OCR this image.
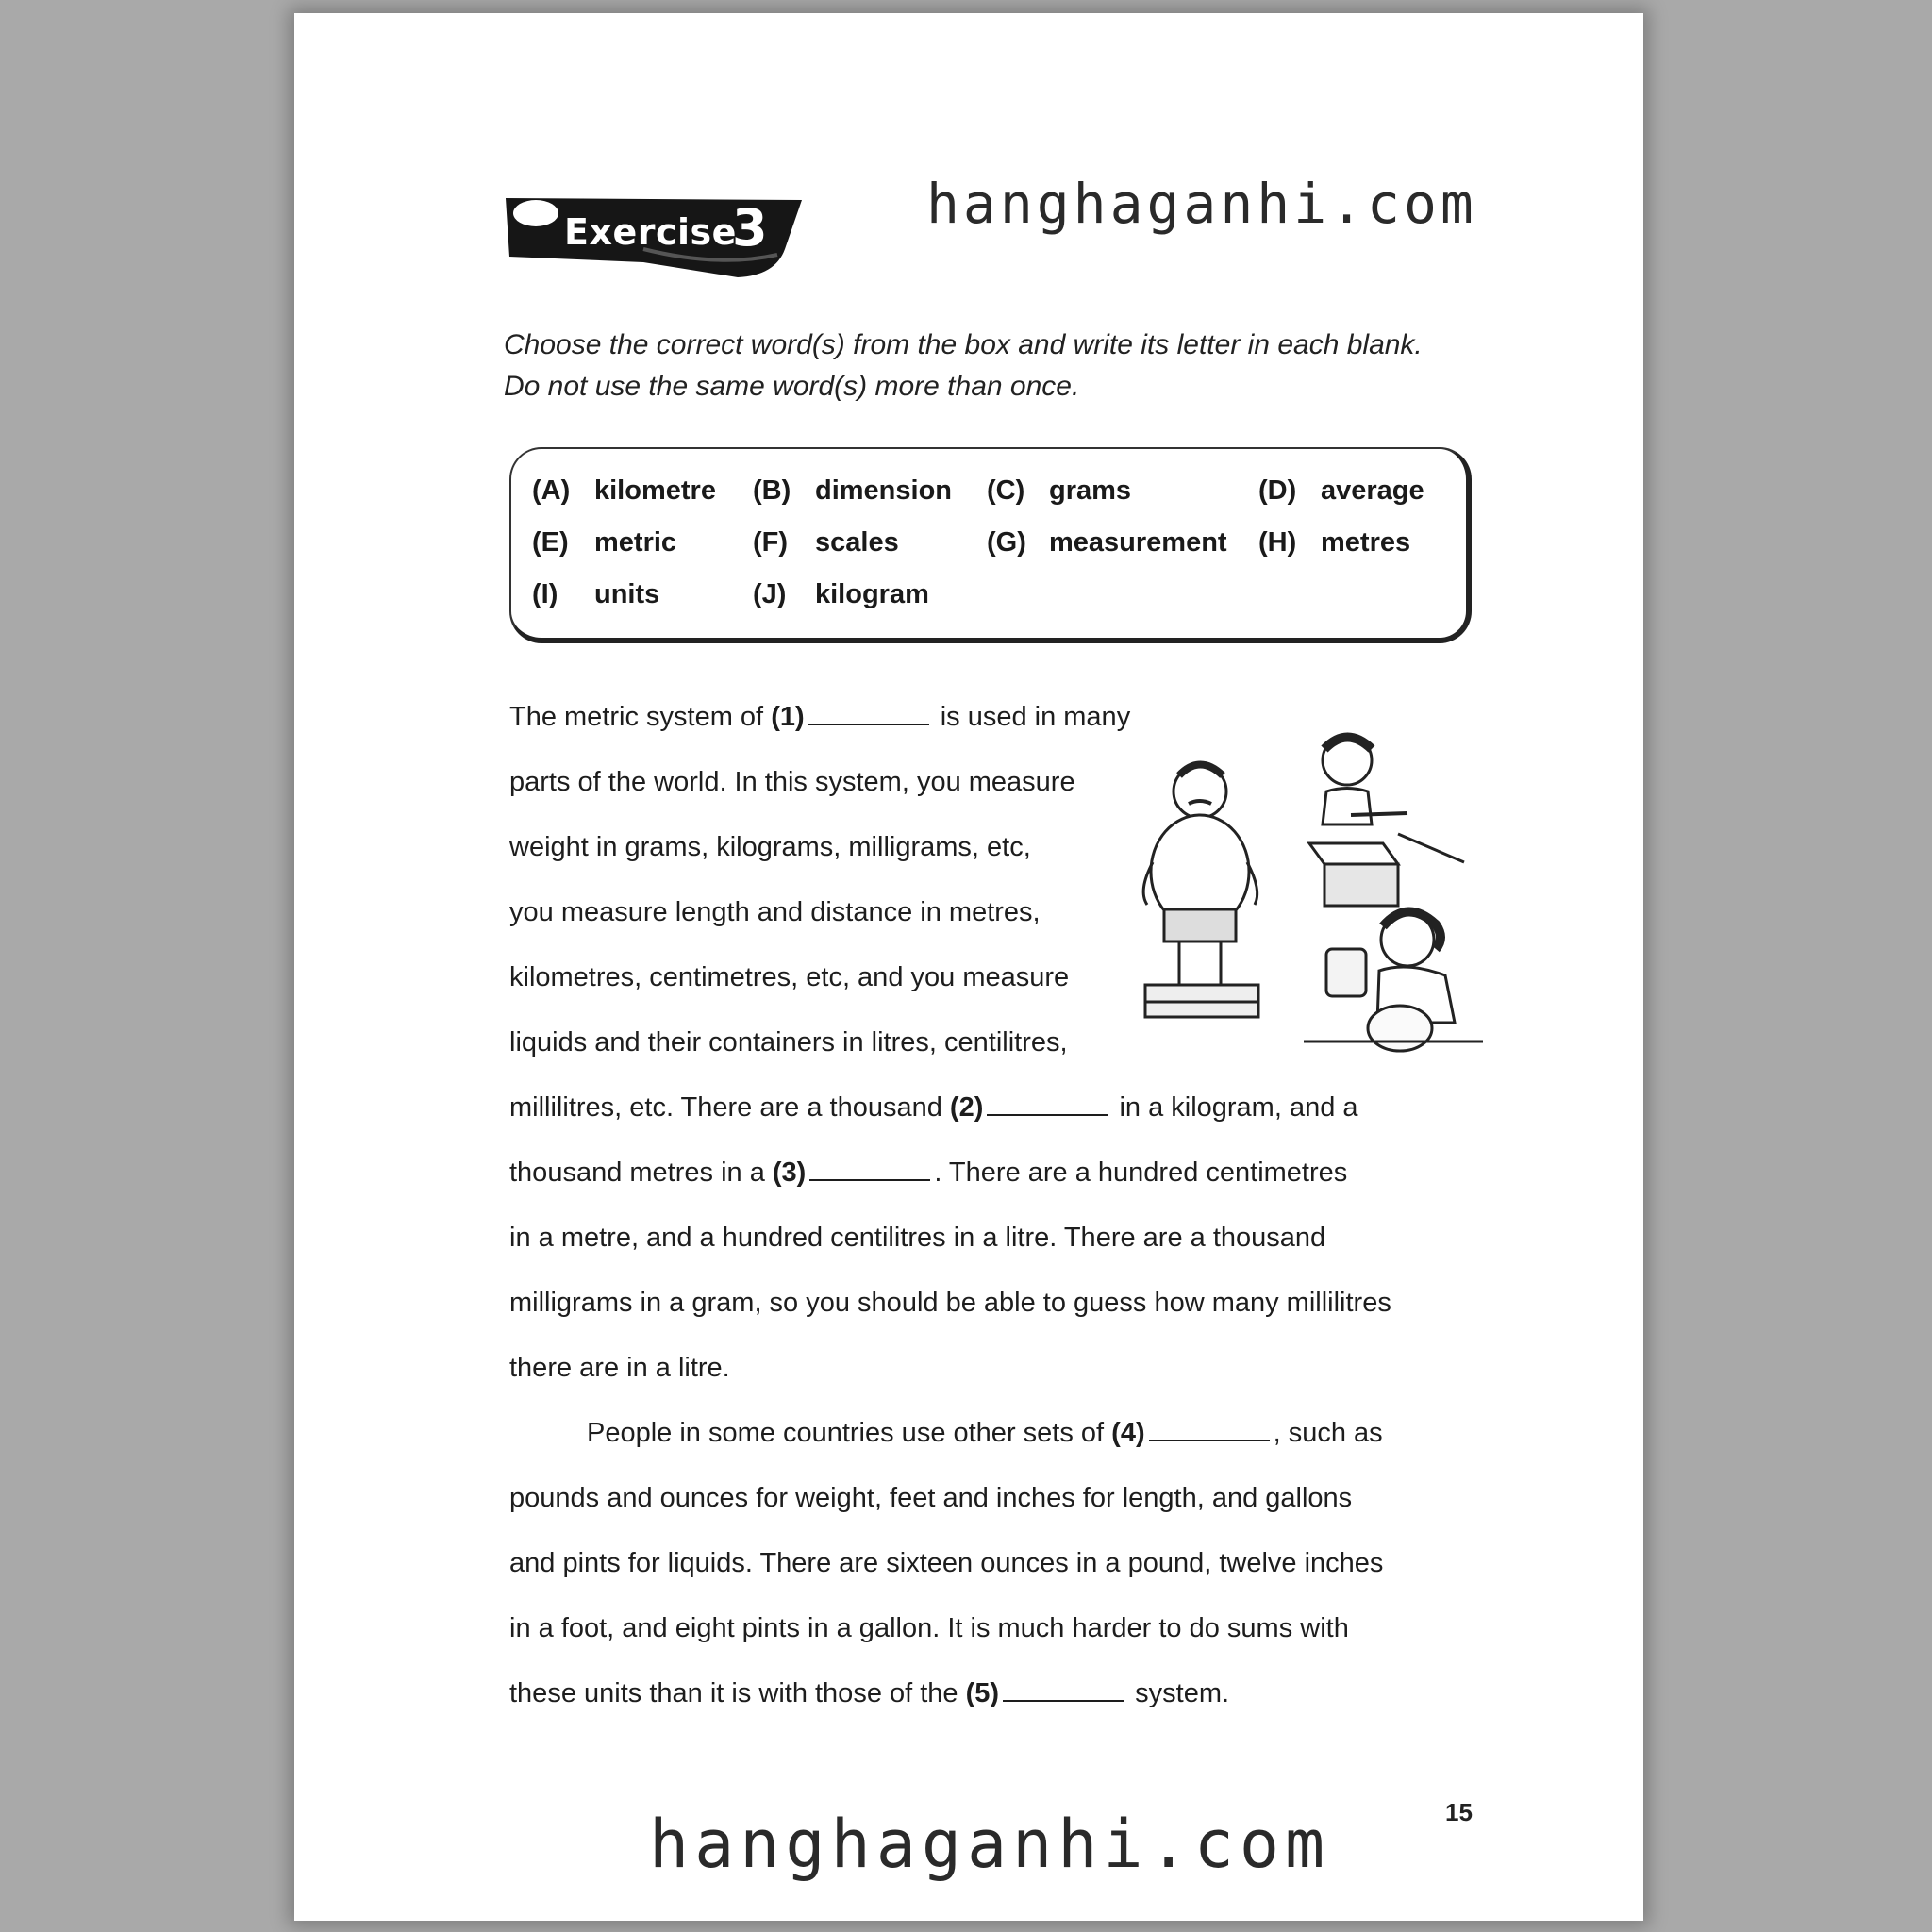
Exercise
3	hanghaganhi.com

Choose the correct word(s) from the box and write its letter in each blank.

Do not use the same word(s) more than once.

(A) kilometre (B) dimension (C) grams	(D) average
(E) metric	(F) scales	(G) measurement (H) metres
(I) units	(J) kilogram
The metric system of (1)	is used in many
parts of the world. In this system, you measure
weight in grams, kilograms, milligrams, etc,
you measure length and distance in metres,
kilometres, centimetres, etc, and you measure
liquids and their containers in litres, centilitres,
millilitres, etc. There are a thousand (2)	in a kilogram, and a
thousand metres in a (3)	. There are a hundred centimetres
in a metre, and a hundred centilitres in a litre. There are a thousand
milligrams in a gram, so you should be able to guess how many millilitres
there are in a litre.
People in some countries use other sets of (4)	, such as
pounds and ounces for weight, feet and inches for length, and gallons
and pints for liquids. There are sixteen ounces in a pound, twelve inches
in a foot, and eight pints in a gallon. It is much harder to do sums with
these units than it is with those of the (5)	system.
15
hanghaganhi.com
